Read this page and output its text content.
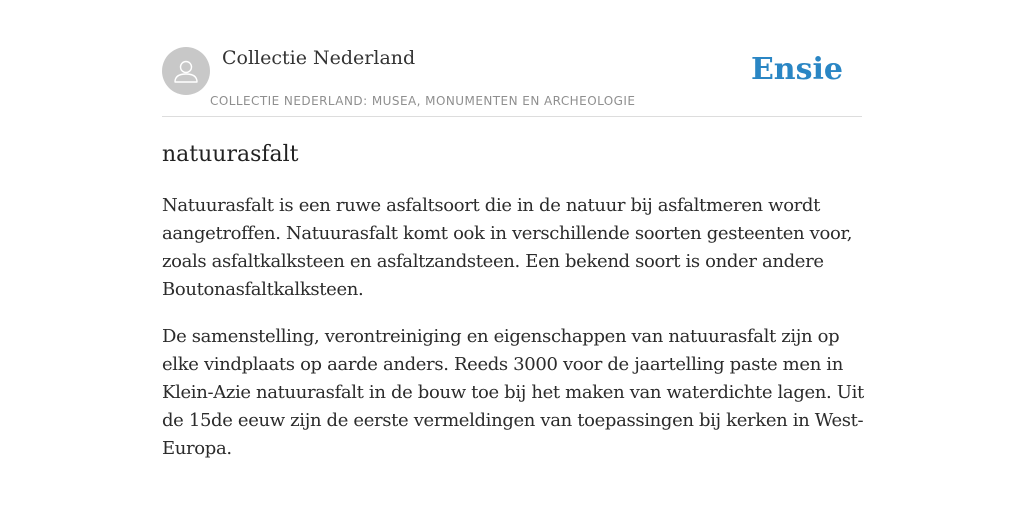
Collectie Nederland
COLLECTIE NEDERLAND: MUSEA, MONUMENTEN EN ARCHEOLOGIE
Ensie
natuurasfalt

Natuurasfalt is een ruwe asfaltsoort die in de natuur bij asfaltmeren wordt aangetroffen. Natuurasfalt komt ook in verschillende soorten gesteenten voor, zoals asfaltkalksteen en asfaltzandsteen. Een bekend soort is onder andere Boutonasfaltkalksteen.

De samenstelling, verontreiniging en eigenschappen van natuurasfalt zijn op elke vindplaats op aarde anders. Reeds 3000 voor de jaartelling paste men in Klein-Azie natuurasfalt in de bouw toe bij het maken van waterdichte lagen. Uit de 15de eeuw zijn de eerste vermeldingen van toepassingen bij kerken in West-Europa.
